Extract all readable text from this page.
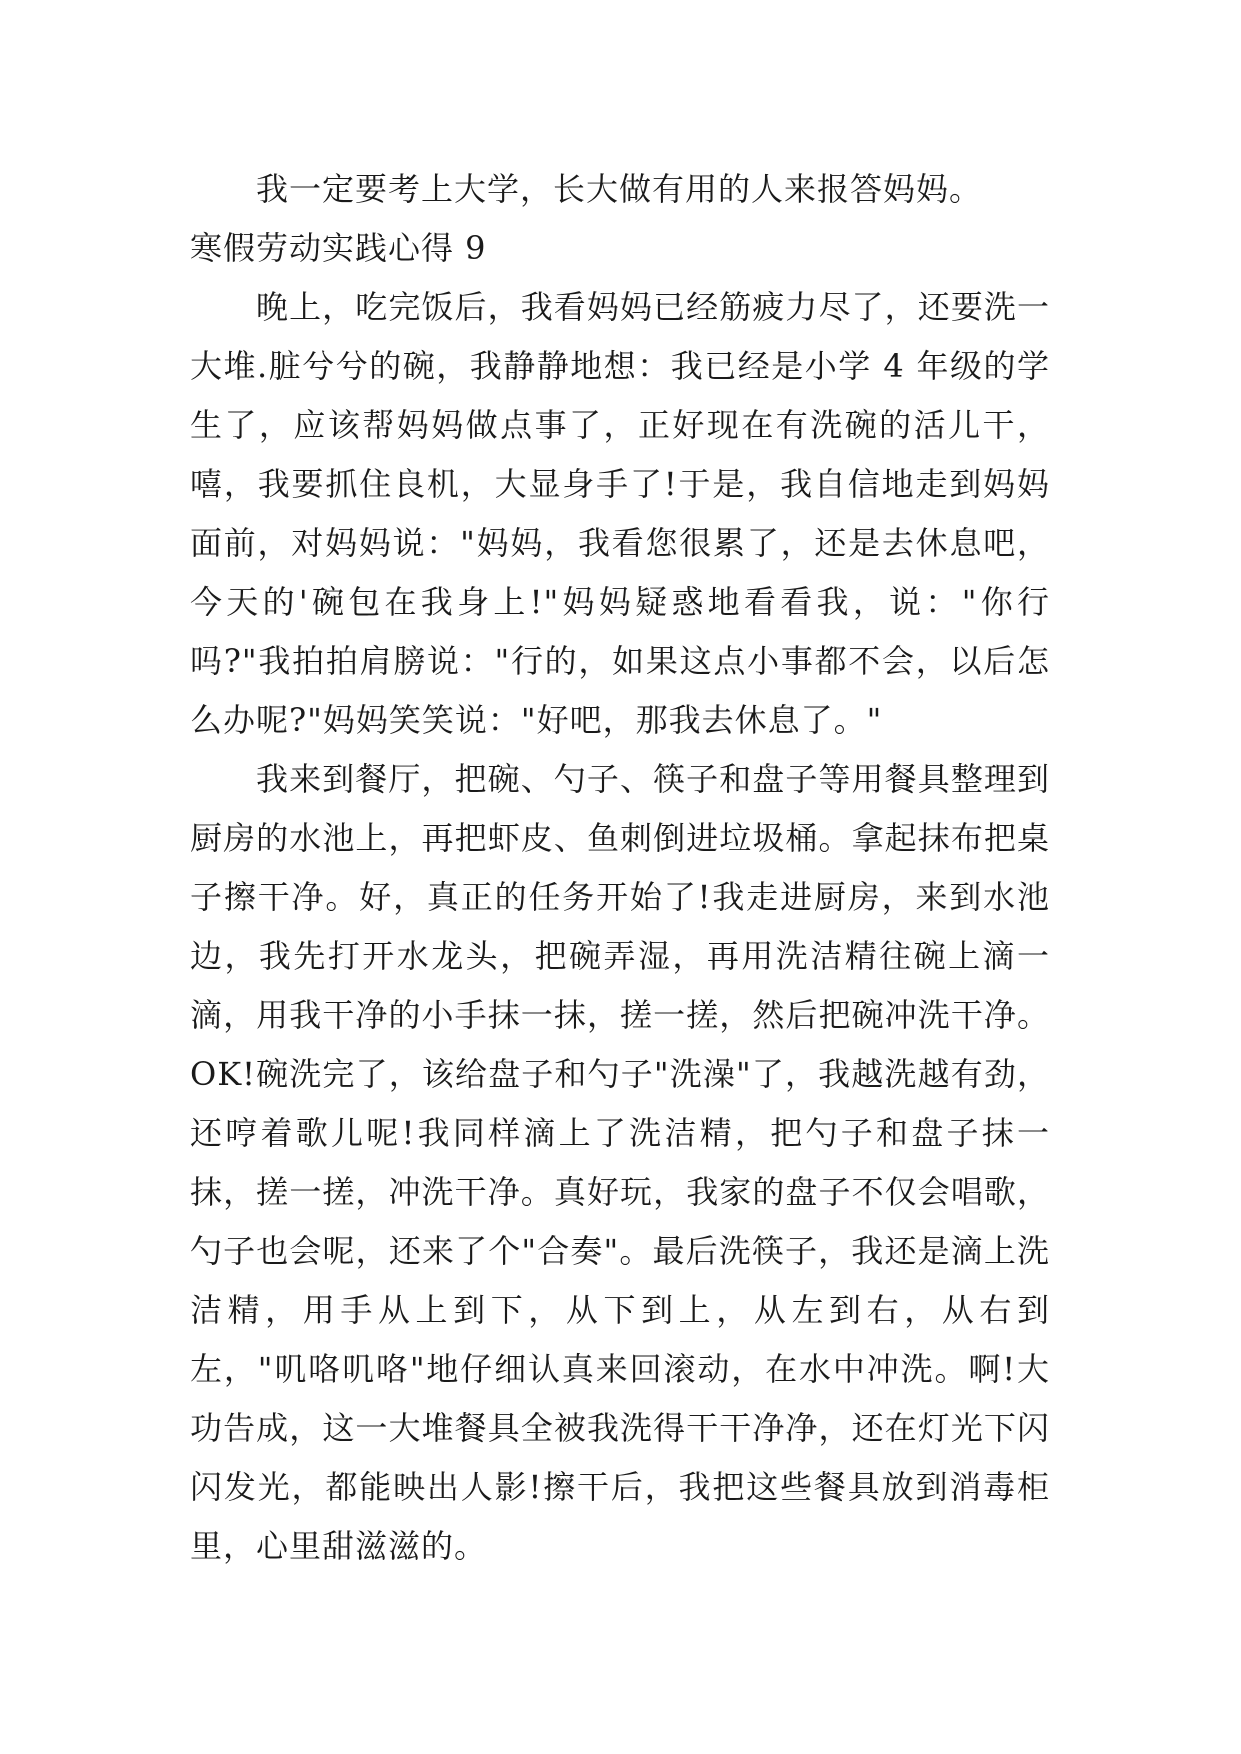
我一定要考上大学，长大做有用的人来报答妈妈。

寒假劳动实践心得 9

晚上，吃完饭后，我看妈妈已经筋疲力尽了，还要洗一大堆.脏兮兮的碗，我静静地想：我已经是小学 4 年级的学生了，应该帮妈妈做点事了，正好现在有洗碗的活儿干，嘻，我要抓住良机，大显身手了!于是，我自信地走到妈妈面前，对妈妈说："妈妈，我看您很累了，还是去休息吧，今天的'碗包在我身上!"妈妈疑惑地看看我，说："你行吗?"我拍拍肩膀说："行的，如果这点小事都不会，以后怎么办呢?"妈妈笑笑说："好吧，那我去休息了。"

我来到餐厅，把碗、勺子、筷子和盘子等用餐具整理到厨房的水池上，再把虾皮、鱼刺倒进垃圾桶。拿起抹布把桌子擦干净。好，真正的任务开始了!我走进厨房，来到水池边，我先打开水龙头，把碗弄湿，再用洗洁精往碗上滴一滴，用我干净的小手抹一抹，搓一搓，然后把碗冲洗干净。OK!碗洗完了，该给盘子和勺子"洗澡"了，我越洗越有劲，还哼着歌儿呢!我同样滴上了洗洁精，把勺子和盘子抹一抹，搓一搓，冲洗干净。真好玩，我家的盘子不仅会唱歌，勺子也会呢，还来了个"合奏"。最后洗筷子，我还是滴上洗洁精，用手从上到下，从下到上，从左到右，从右到左，"叽咯叽咯"地仔细认真来回滚动，在水中冲洗。啊!大功告成，这一大堆餐具全被我洗得干干净净，还在灯光下闪闪发光，都能映出人影!擦干后，我把这些餐具放到消毒柜里，心里甜滋滋的。
